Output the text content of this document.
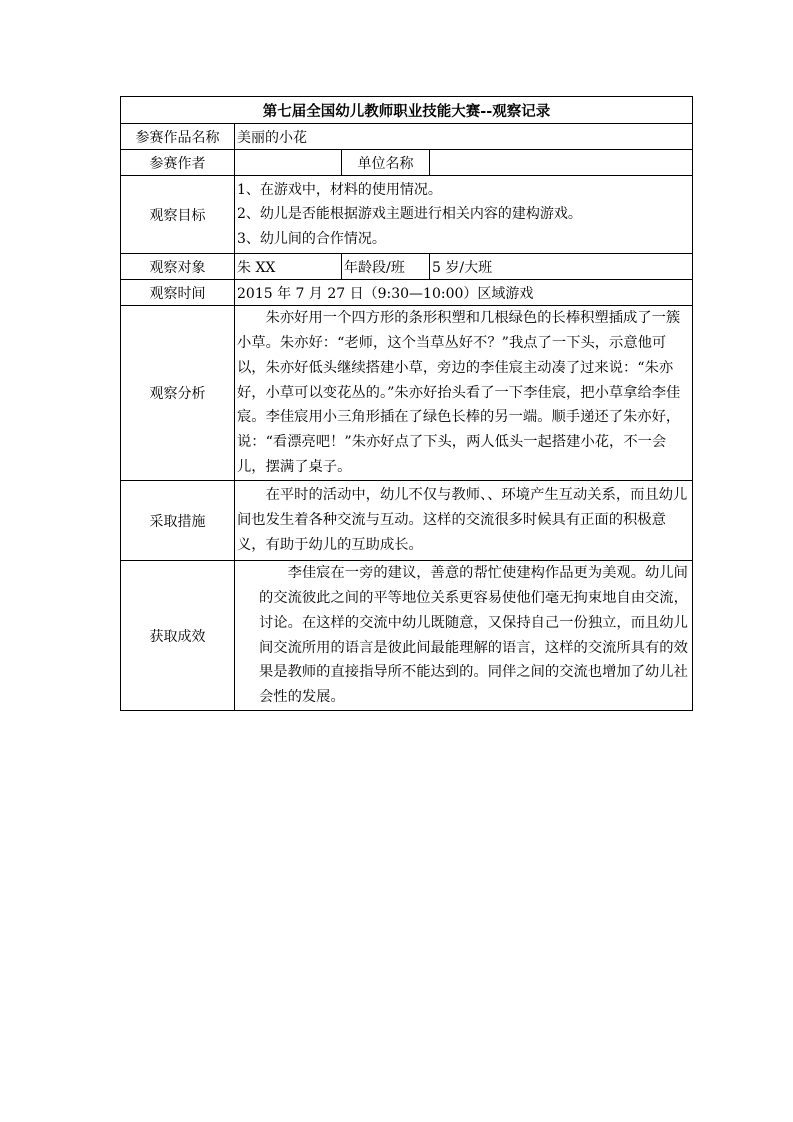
第七届全国幼儿教师职业技能大赛--观察记录			
参赛作品名称	美丽的小花		
参赛作者		单位名称	
观察目标	1、在游戏中，材料的使用情况。
2、幼儿是否能根据游戏主题进行相关内容的建构游戏。
3、幼儿间的合作情况。		

观察对象	朱 XX	年龄段/班	5 岁/大班
观察时间	2015 年 7 月 27 日（9:30—10:00）区域游戏		
观察分析	朱亦好用一个四方形的条形积塑和几根绿色的长棒积塑插成了一簇小草。朱亦好：“老师，这个当草丛好不？”我点了一下头，示意他可以，朱亦好低头继续搭建小草，旁边的李佳宸主动凑了过来说：“朱亦好，小草可以变花丛的。”朱亦好抬头看了一下李佳宸，把小草拿给李佳宸。李佳宸用小三角形插在了绿色长棒的另一端。顺手递还了朱亦好，说：“看漂亮吧！”朱亦好点了下头，两人低头一起搭建小花，不一会儿，摆满了桌子。		

采取措施	在平时的活动中，幼儿不仅与教师、、环境产生互动关系，而且幼儿间也发生着各种交流与互动。这样的交流很多时候具有正面的积极意义，有助于幼儿的互助成长。		

获取成效	李佳宸在一旁的建议，善意的帮忙使建构作品更为美观。幼儿间的交流彼此之间的平等地位关系更容易使他们毫无拘束地自由交流，讨论。在这样的交流中幼儿既随意，又保持自己一份独立，而且幼儿间交流所用的语言是彼此间最能理解的语言，这样的交流所具有的效果是教师的直接指导所不能达到的。同伴之间的交流也增加了幼儿社会性的发展。		
